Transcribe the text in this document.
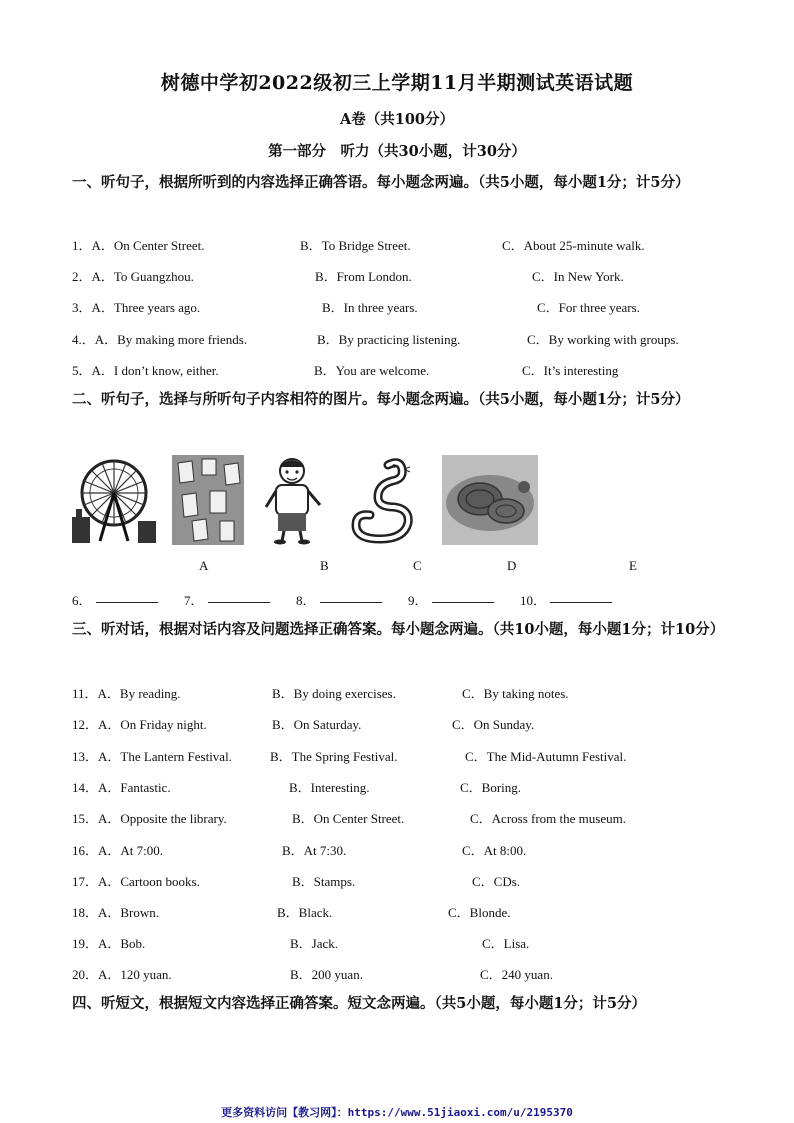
树德中学初2022级初三上学期11月半期测试英语试题
A卷（共100分）
第一部分　听力（共30小题，计30分）
一、听句子，根据所听到的内容选择正确答语。每小题念两遍。（共5小题，每小题1分；计5分）
1．A．On Center Street.	B．To Bridge Street.	C．About 25-minute walk.
2．A．To Guangzhou.	B．From London.	C．In New York.
3．A．Three years ago.	B．In three years.	C．For three years.
4.．A．By making more friends.	B．By practicing listening.	C．By working with groups.
5．A．I don’t know, either.	B．You are welcome.	C．It’s interesting
二、听句子，选择与所听句子内容相符的图片。每小题念两遍。（共5小题，每小题1分；计5分）
A	B	C	D	E
6．	7．	8．	9．	10．
三、听对话，根据对话内容及问题选择正确答案。每小题念两遍。（共10小题，每小题1分；计10分）
11．A．By reading.	B．By doing exercises.	C．By taking notes.
12．A．On Friday night.	B．On Saturday.	C．On Sunday.
13．A．The Lantern Festival.	B．The Spring Festival.	C．The Mid-Autumn Festival.
14．A．Fantastic.	B．Interesting.	C．Boring.
15．A．Opposite the library.	B．On Center Street.	C．Across from the museum.
16．A．At 7:00.	B．At 7:30.	C．At 8:00.
17．A．Cartoon books.	B．Stamps.	C．CDs.
18．A．Brown.	B．Black.	C．Blonde.
19．A．Bob.	B．Jack.	C．Lisa.
20．A．120 yuan.	B．200 yuan.	C．240 yuan.
四、听短文，根据短文内容选择正确答案。短文念两遍。（共5小题，每小题1分；计5分）
更多资料访问【教习网】：https://www.51jiaoxi.com/u/2195370
